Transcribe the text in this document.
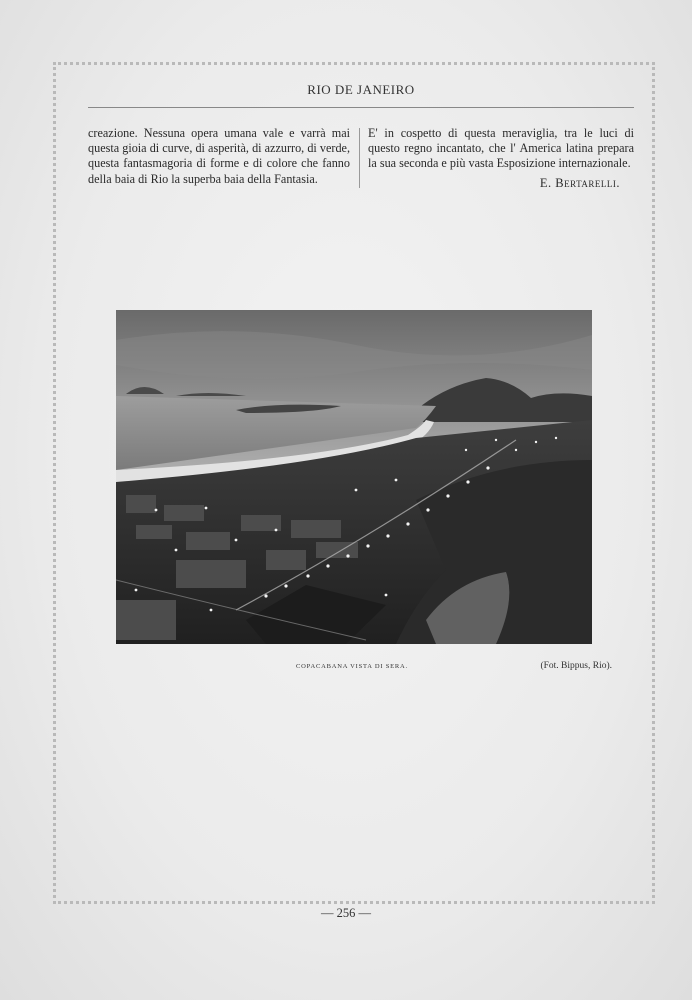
RIO DE JANEIRO

creazione. Nessuna opera umana vale e varrà mai questa gioia di curve, di asperità, di azzurro, di verde, questa fantasmagoria di forme e di colore che fanno della baia di Rio la superba baia della Fantasia.

E' in cospetto di questa meraviglia, tra le luci di questo regno incantato, che l' America latina prepara la sua seconda e più vasta Esposizione internazionale.

E. Bertarelli.
COPACABANA VISTA DI SERA.	(Fot. Bippus, Rio).
— 256 —
